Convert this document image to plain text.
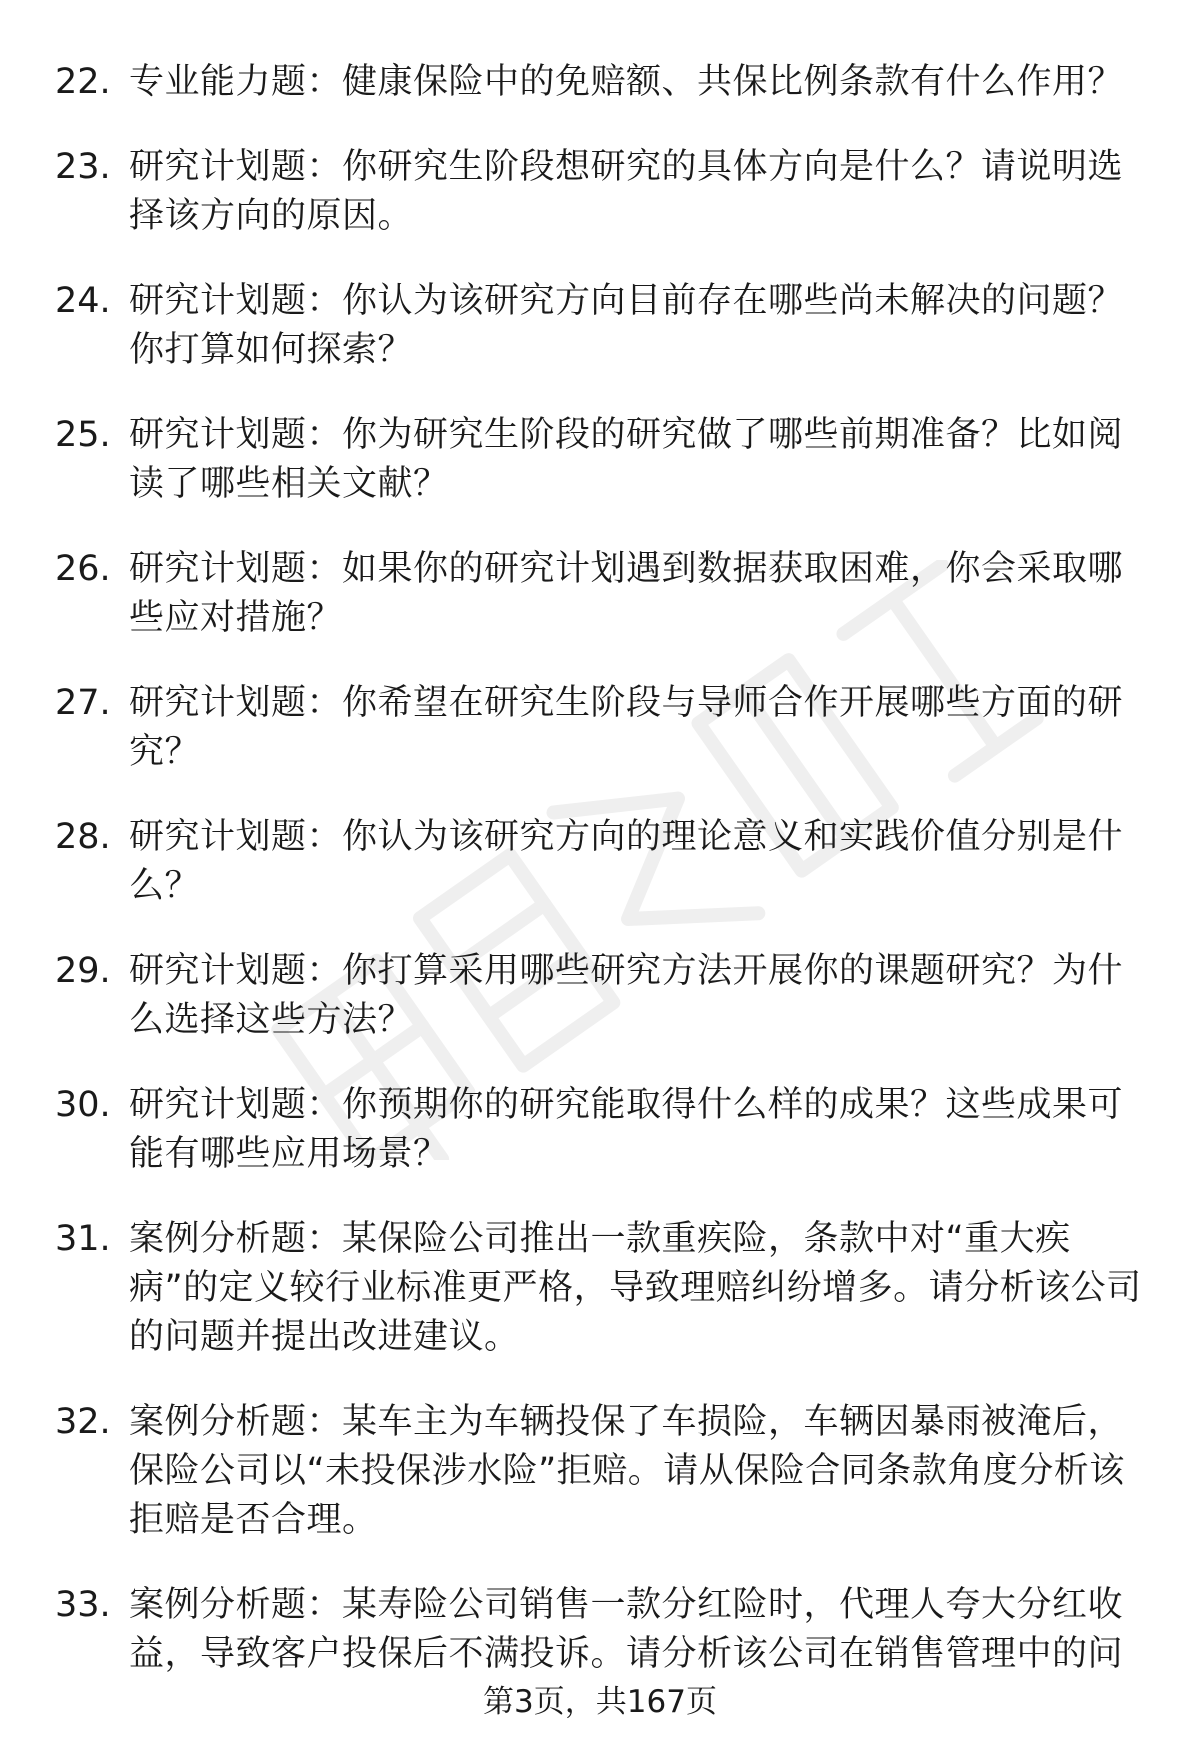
22. 专业能力题：健康保险中的免赔额、共保比例条款有什么作用？
23. 研究计划题：你研究生阶段想研究的具体方向是什么？请说明选择该方向的原因。
24. 研究计划题：你认为该研究方向目前存在哪些尚未解决的问题？你打算如何探索？
25. 研究计划题：你为研究生阶段的研究做了哪些前期准备？比如阅读了哪些相关文献？
26. 研究计划题：如果你的研究计划遇到数据获取困难，你会采取哪些应对措施？
27. 研究计划题：你希望在研究生阶段与导师合作开展哪些方面的研究？
28. 研究计划题：你认为该研究方向的理论意义和实践价值分别是什么？
29. 研究计划题：你打算采用哪些研究方法开展你的课题研究？为什么选择这些方法？
30. 研究计划题：你预期你的研究能取得什么样的成果？这些成果可能有哪些应用场景？
31. 案例分析题：某保险公司推出一款重疾险，条款中对“重大疾病”的定义较行业标准更严格，导致理赔纠纷增多。请分析该公司的问题并提出改进建议。
32. 案例分析题：某车主为车辆投保了车损险，车辆因暴雨被淹后，保险公司以“未投保涉水险”拒赔。请从保险合同条款角度分析该拒赔是否合理。
33. 案例分析题：某寿险公司销售一款分红险时，代理人夸大分红收益，导致客户投保后不满投诉。请分析该公司在销售管理中的问
第3页，共167页
